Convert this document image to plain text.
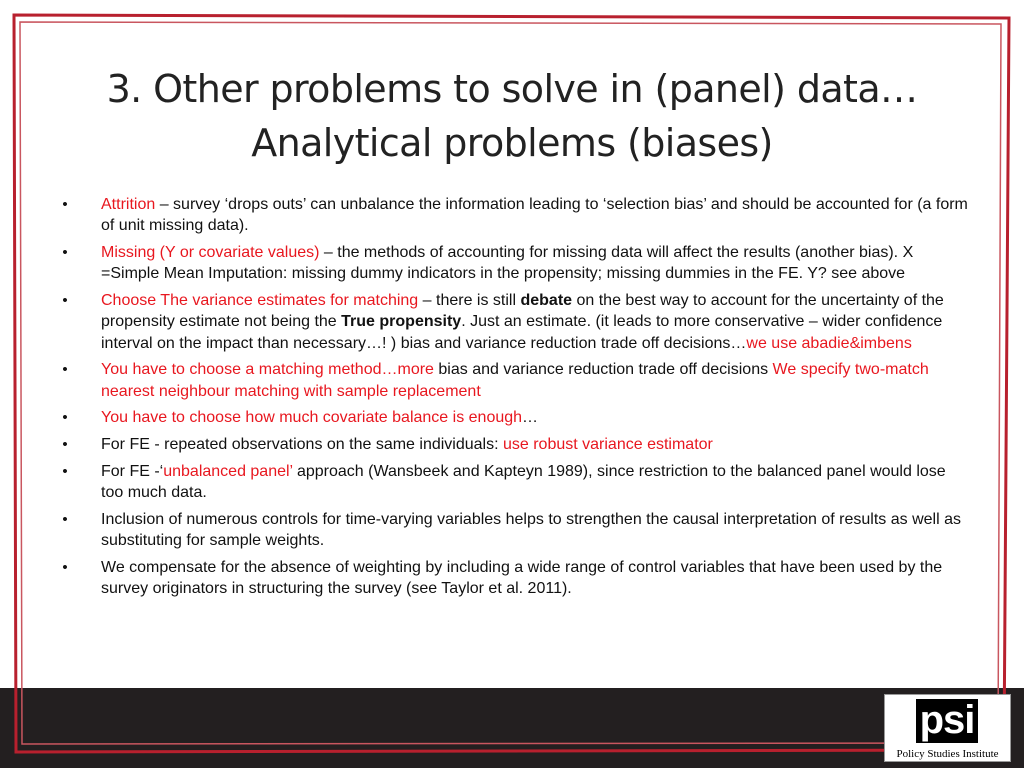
3. Other problems to solve in (panel) data…
Analytical problems (biases)
• Attrition – survey ‘drops outs’ can unbalance the information leading to ‘selection bias’ and should be accounted for (a form of unit missing data).
• Missing (Y or covariate values) – the methods of accounting for missing data will affect the results (another bias). X =Simple Mean Imputation: missing dummy indicators in the propensity; missing dummies in the FE. Y? see above
• Choose The variance estimates for matching – there is still debate on the best way to account for the uncertainty of the propensity estimate not being the True propensity. Just an estimate. (it leads to more conservative – wider confidence interval on the impact than necessary…! ) bias and variance reduction trade off decisions…we use abadie&imbens
• You have to choose a matching method…more bias and variance reduction trade off decisions We specify two-match nearest neighbour matching with sample replacement
• You have to choose how much covariate balance is enough…
• For FE - repeated observations on the same individuals: use robust variance estimator
• For FE -‘unbalanced panel’ approach (Wansbeek and Kapteyn 1989), since restriction to the balanced panel would lose too much data.
• Inclusion of numerous controls for time-varying variables helps to strengthen the causal interpretation of results as well as substituting for sample weights.
• We compensate for the absence of weighting by including a wide range of control variables that have been used by the survey originators in structuring the survey (see Taylor et al. 2011).
psi
Policy Studies Institute
